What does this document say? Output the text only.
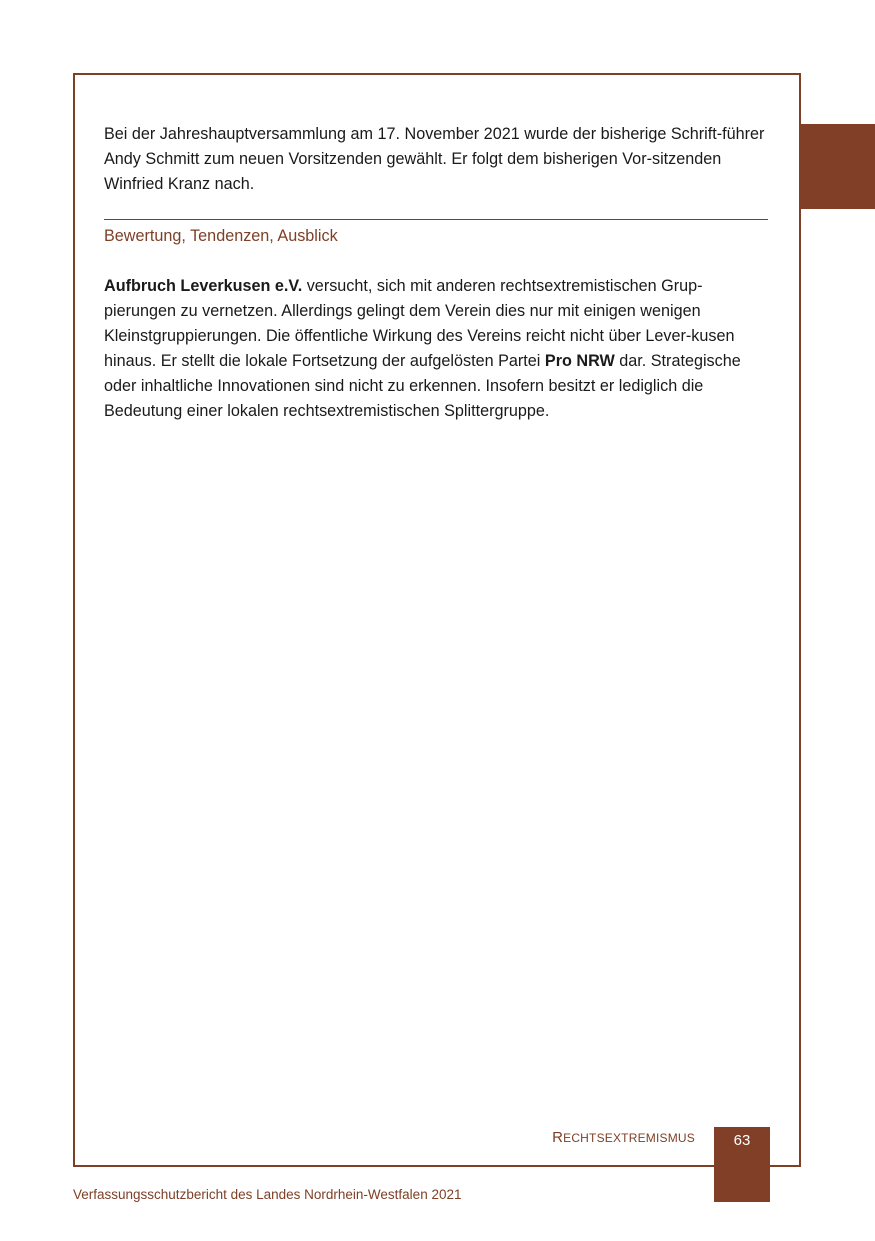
Bei der Jahreshauptversammlung am 17. November 2021 wurde der bisherige Schrift-führer Andy Schmitt zum neuen Vorsitzenden gewählt. Er folgt dem bisherigen Vor-sitzenden Winfried Kranz nach.

Bewertung, Tendenzen, Ausblick

Aufbruch Leverkusen e.V. versucht, sich mit anderen rechtsextremistischen Grup-pierungen zu vernetzen. Allerdings gelingt dem Verein dies nur mit einigen wenigen Kleinstgruppierungen. Die öffentliche Wirkung des Vereins reicht nicht über Lever-kusen hinaus. Er stellt die lokale Fortsetzung der aufgelösten Partei Pro NRW dar. Strategische oder inhaltliche Innovationen sind nicht zu erkennen. Insofern besitzt er lediglich die Bedeutung einer lokalen rechtsextremistischen Splittergruppe.

RECHTSEXTREMISMUS	63
Verfassungsschutzbericht des Landes Nordrhein-Westfalen 2021
